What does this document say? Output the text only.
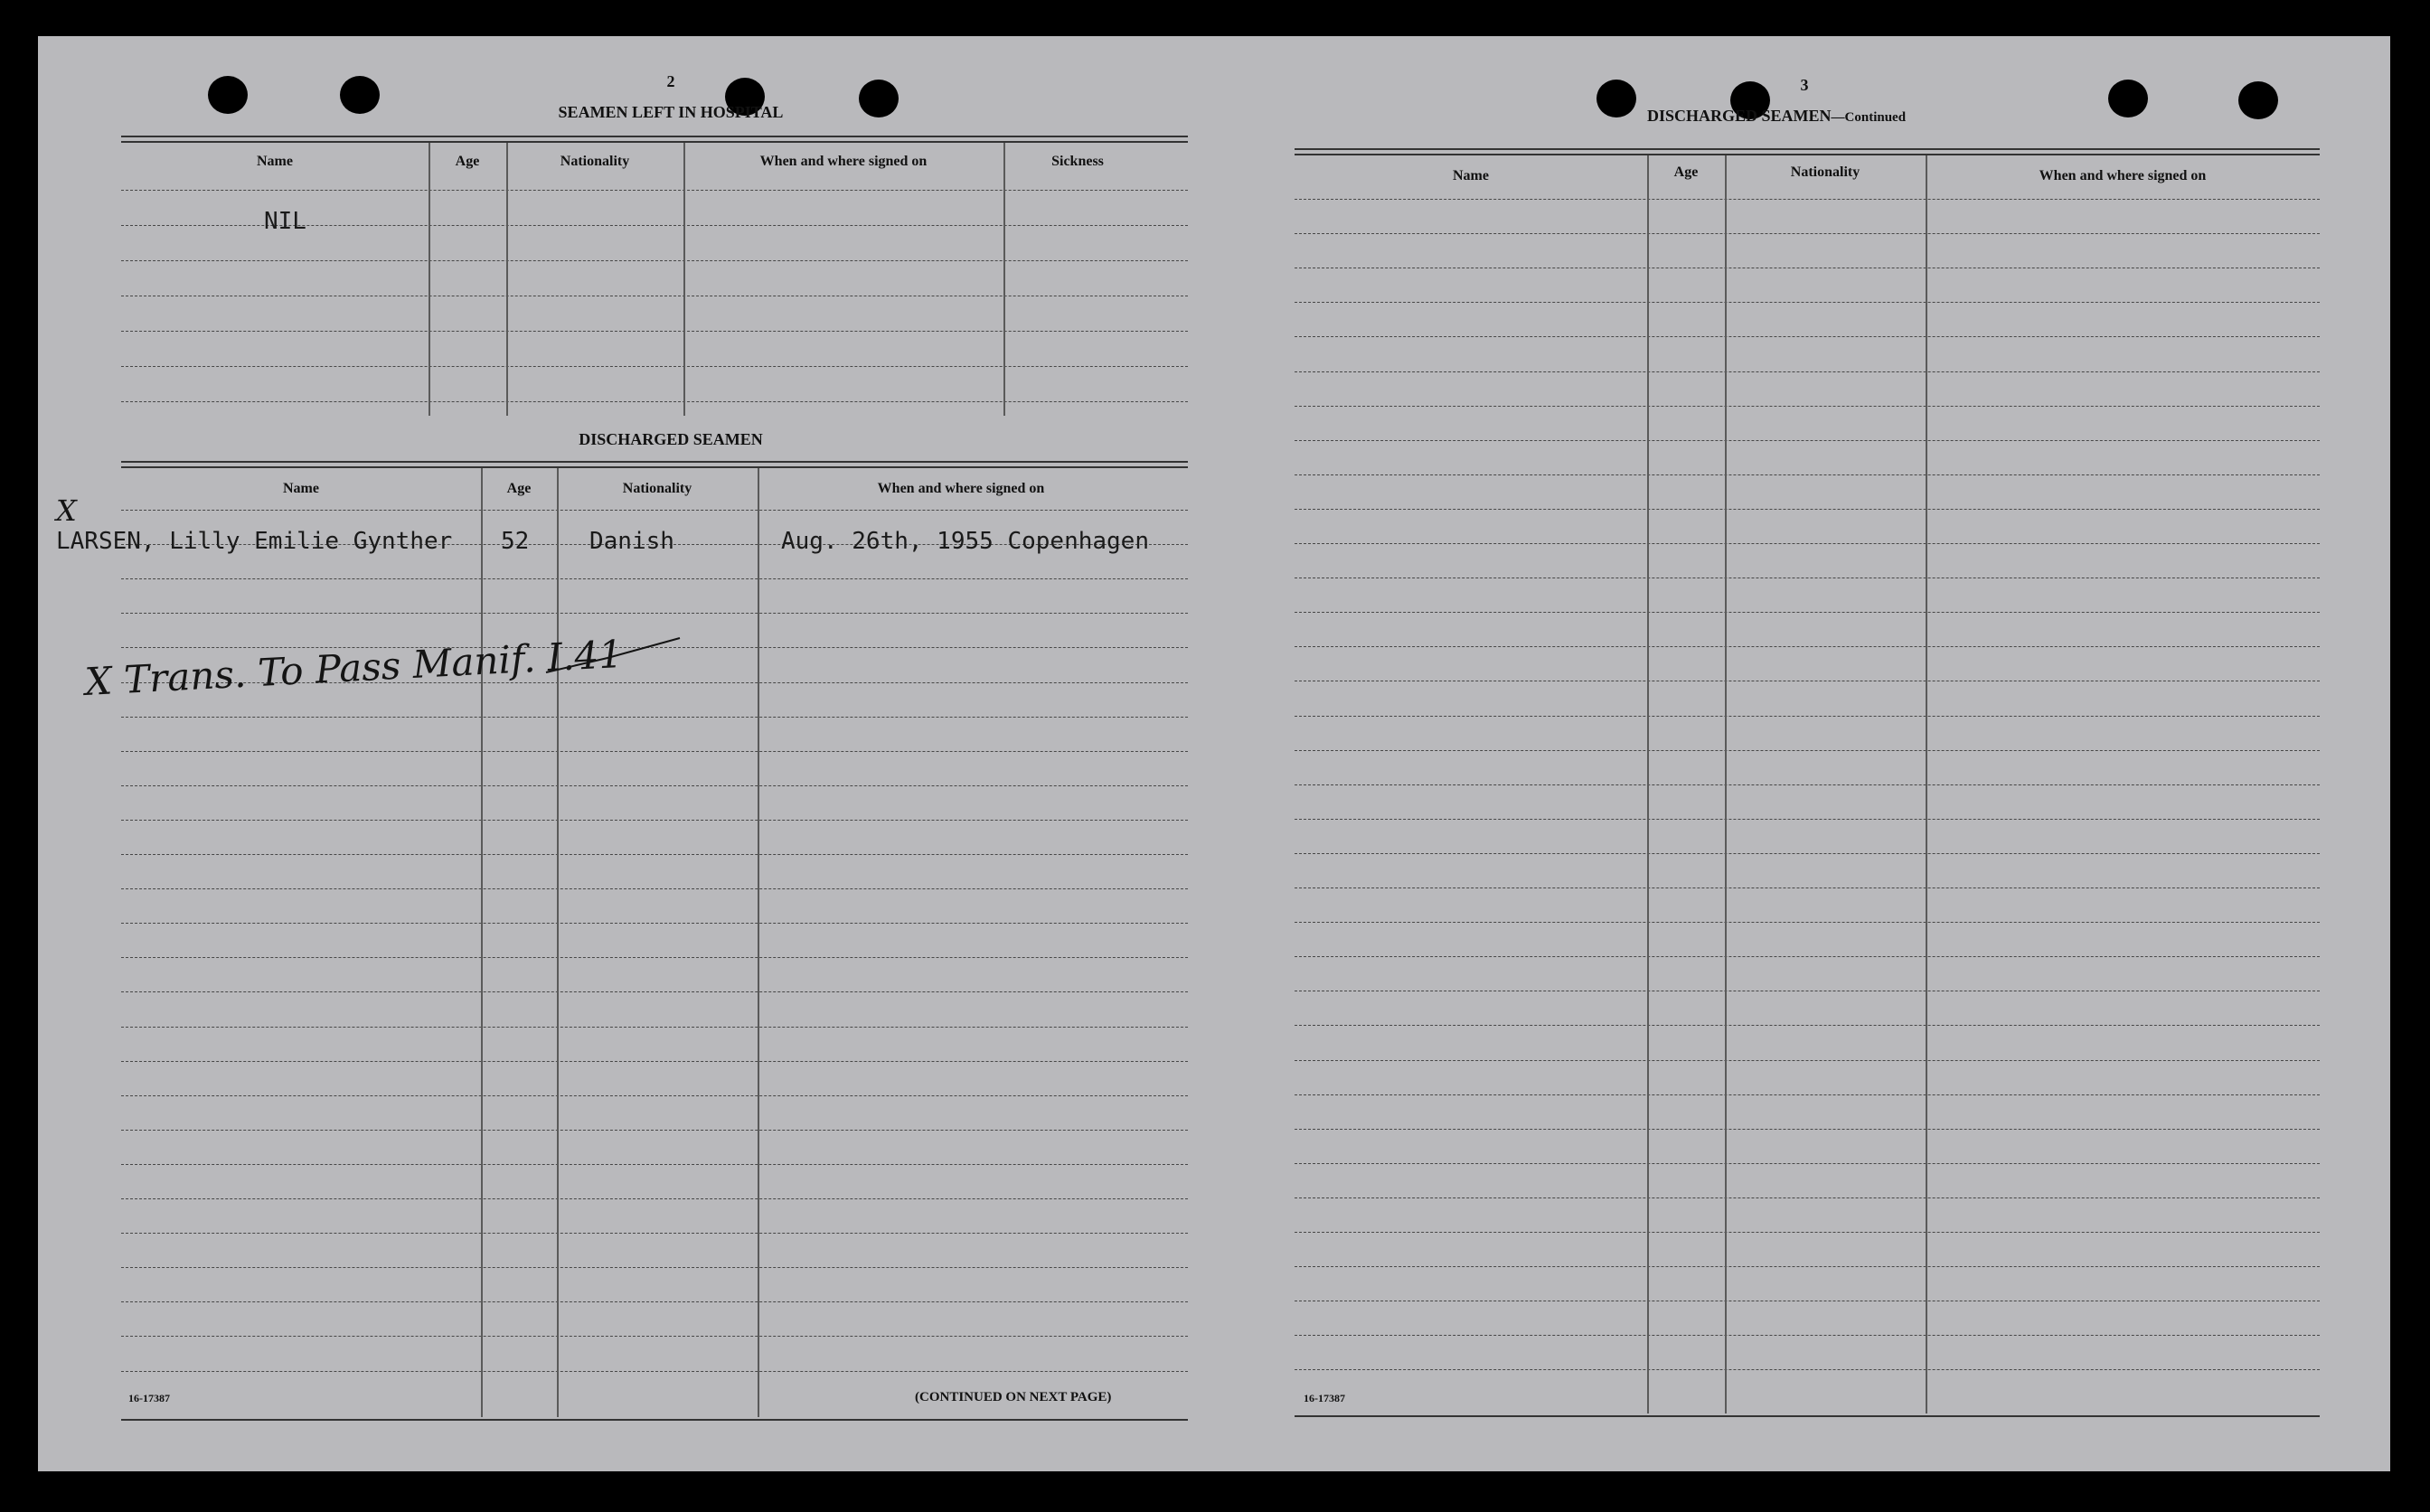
2
SEAMEN LEFT IN HOSPITAL
Name	Age	Nationality	When and where signed on	Sickness
NIL
DISCHARGED SEAMEN
Name	Age	Nationality	When and where signed on
LARSEN, Lilly Emilie Gynther 52	Danish	Aug. 26th, 1955 Copenhagen
X
X Trans. To Pass Manif. I.41
16-17387	(CONTINUED ON NEXT PAGE)
3
DISCHARGED SEAMEN—Continued
Name	Age	Nationality	When and where signed on
16-17387
